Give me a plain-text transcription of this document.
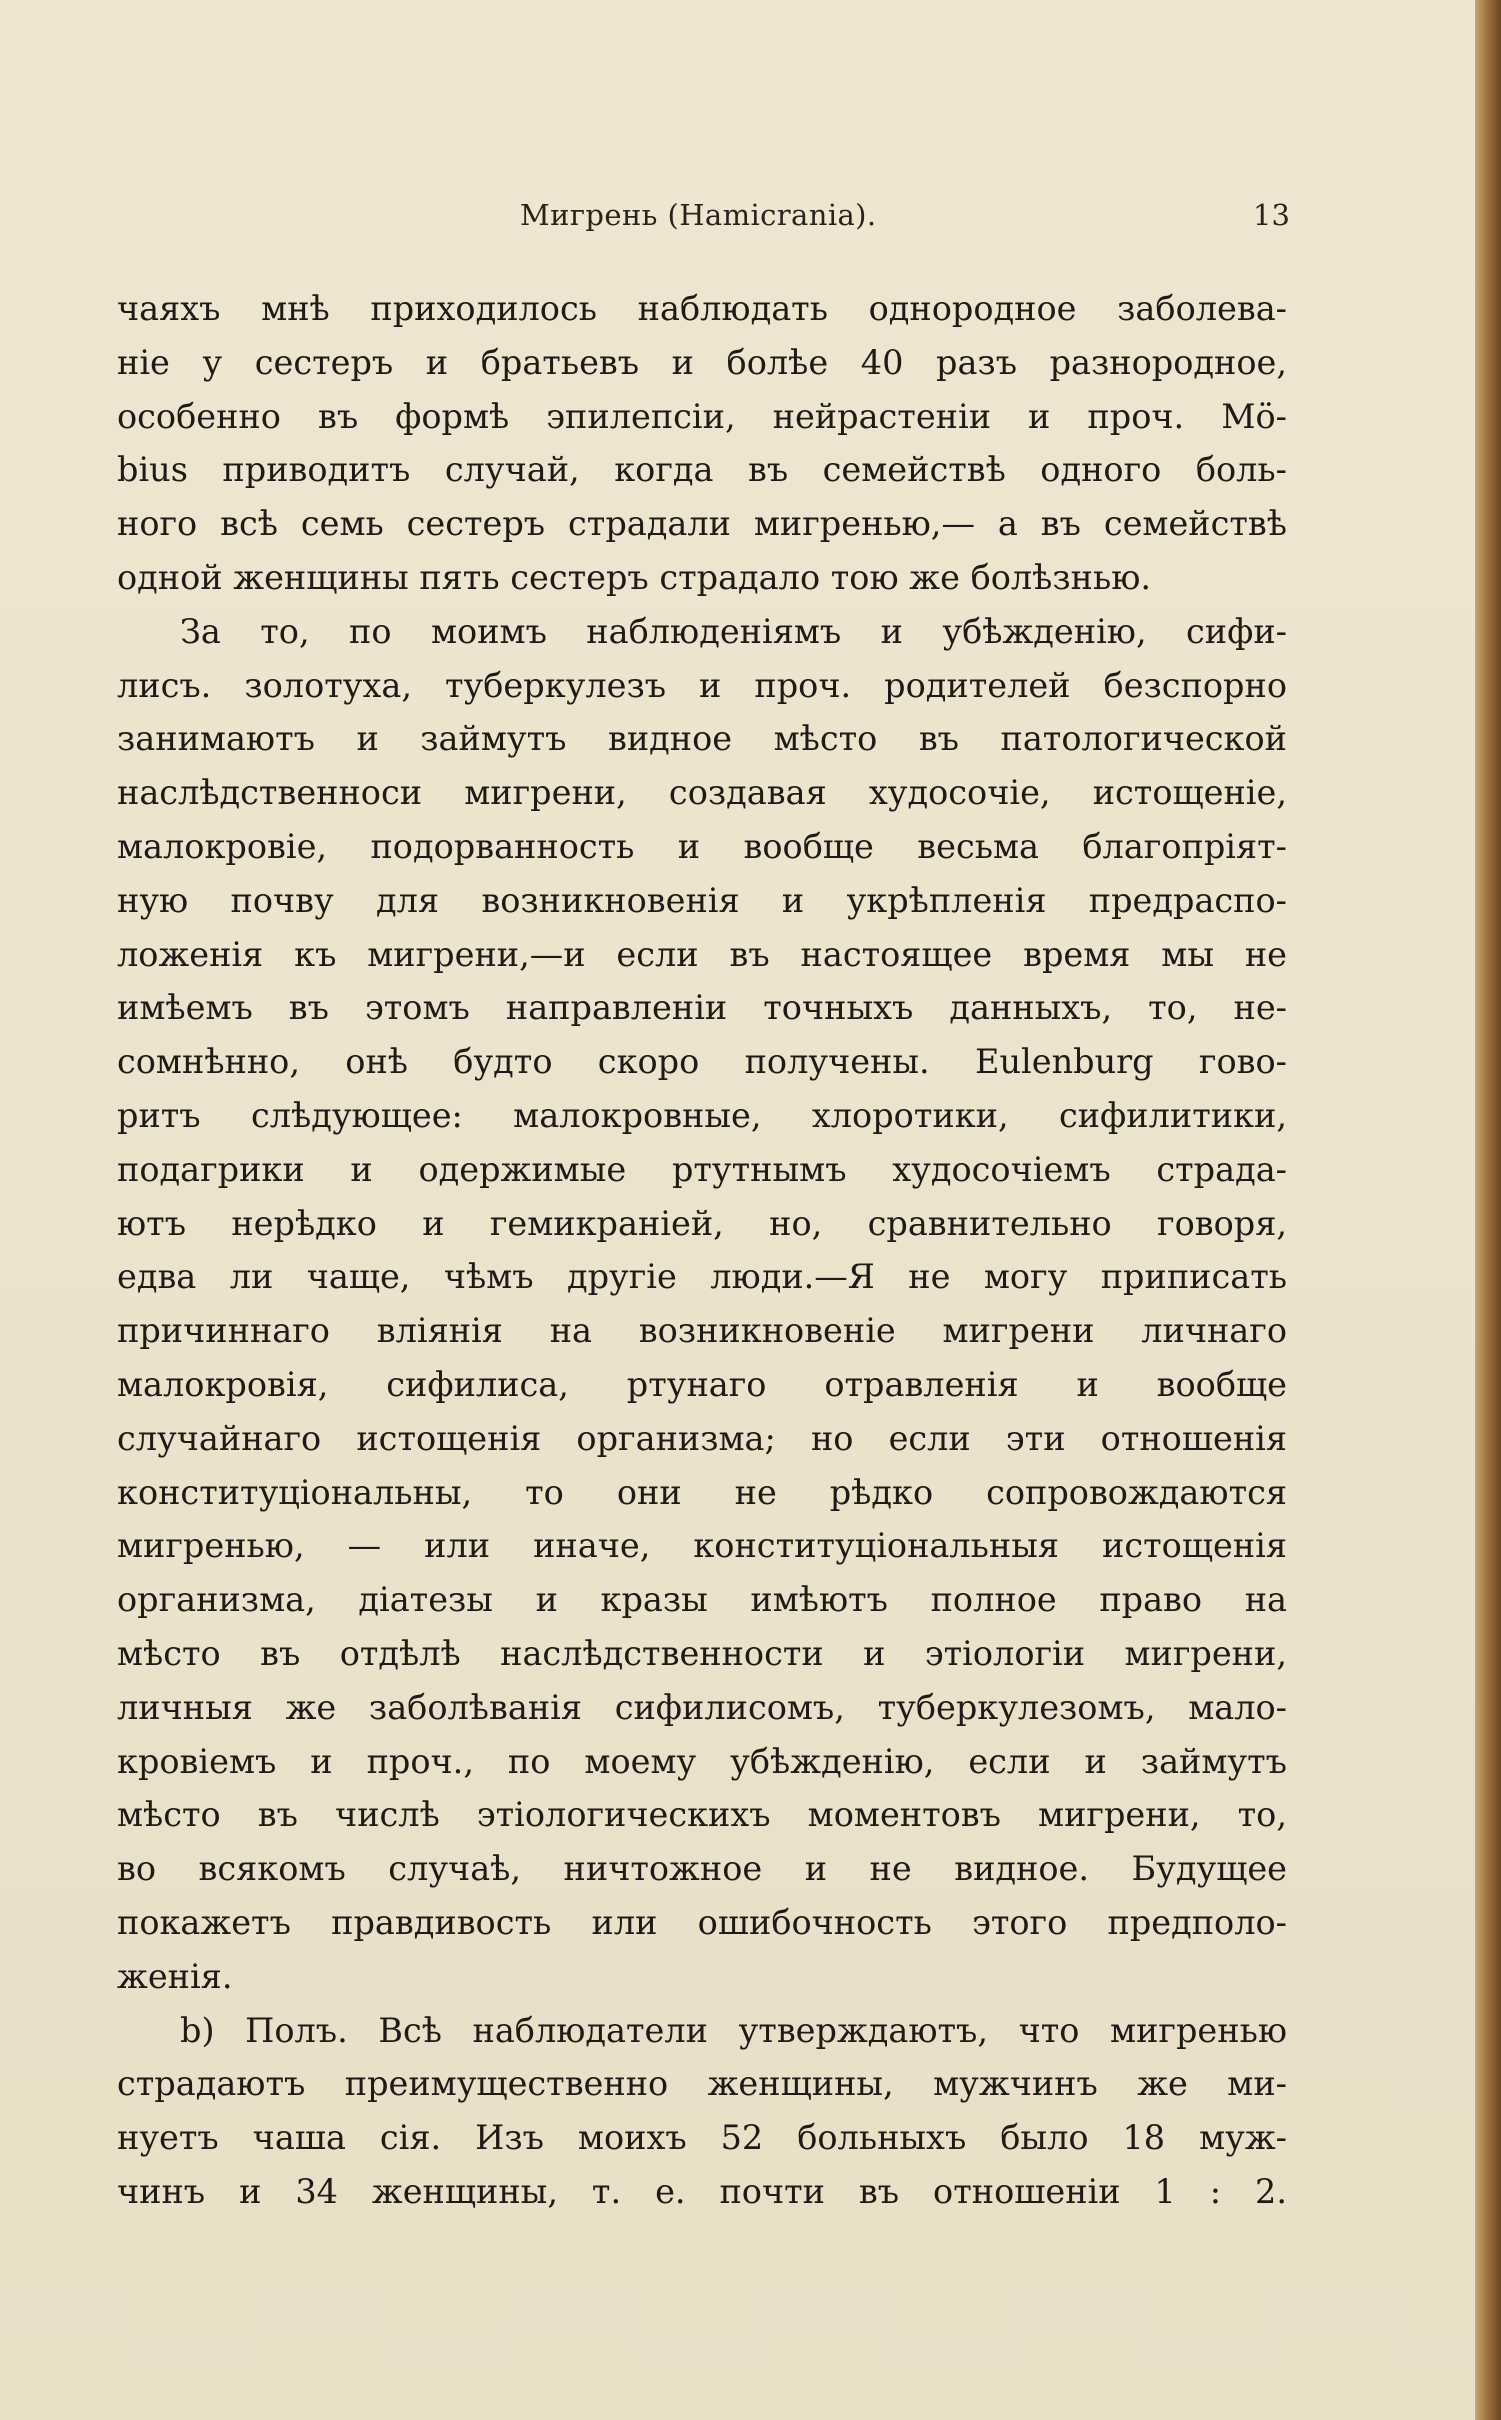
Мигрень (Hamicrania).	13
чаяхъ мнѣ приходилось наблюдать однородное заболева-
ніе у сестеръ и братьевъ и болѣе 40 разъ разнородное,
особенно въ формѣ эпилепсіи, нейрастеніи и проч. Mö-
bius приводитъ случай, когда въ семействѣ одного боль-
ного всѣ семь сестеръ страдали мигренью,— а въ семействѣ
одной женщины пять сестеръ страдало тою же болѣзнью.
За то, по моимъ наблюденіямъ и убѣжденію, сифи-
лисъ. золотуха, туберкулезъ и проч. родителей безспорно
занимаютъ и займутъ видное мѣсто въ патологической
наслѣдственноси мигрени, создавая худосочіе, истощеніе,
малокровіе, подорванность и вообще весьма благопріят-
ную почву для возникновенія и укрѣпленія предраспо-
ложенія къ мигрени,—и если въ настоящее время мы не
имѣемъ въ этомъ направленіи точныхъ данныхъ, то, не-
сомнѣнно, онѣ будто скоро получены. Eulenburg гово-
ритъ слѣдующее: малокровные, хлоротики, сифилитики,
подагрики и одержимые ртутнымъ худосочіемъ страда-
ютъ нерѣдко и гемикраніей, но, сравнительно говоря,
едва ли чаще, чѣмъ другіе люди.—Я не могу приписать
причиннаго вліянія на возникновеніе мигрени личнаго
малокровія, сифилиса, ртунаго отравленія и вообще
случайнаго истощенія организма; но если эти отношенія
конституціональны, то они не рѣдко сопровождаются
мигренью, — или иначе, конституціональныя истощенія
организма, діатезы и кразы имѣютъ полное право на
мѣсто въ отдѣлѣ наслѣдственности и этіологіи мигрени,
личныя же заболѣванія сифилисомъ, туберкулезомъ, мало-
кровіемъ и проч., по моему убѣжденію, если и займутъ
мѣсто въ числѣ этіологическихъ моментовъ мигрени, то,
во всякомъ случаѣ, ничтожное и не видное. Будущее
покажетъ правдивость или ошибочность этого предполо-
женія.
b) Полъ. Всѣ наблюдатели утверждаютъ, что мигренью
страдаютъ преимущественно женщины, мужчинъ же ми-
нуетъ чаша сія. Изъ моихъ 52 больныхъ было 18 муж-
чинъ и 34 женщины, т. е. почти въ отношеніи 1 : 2.
